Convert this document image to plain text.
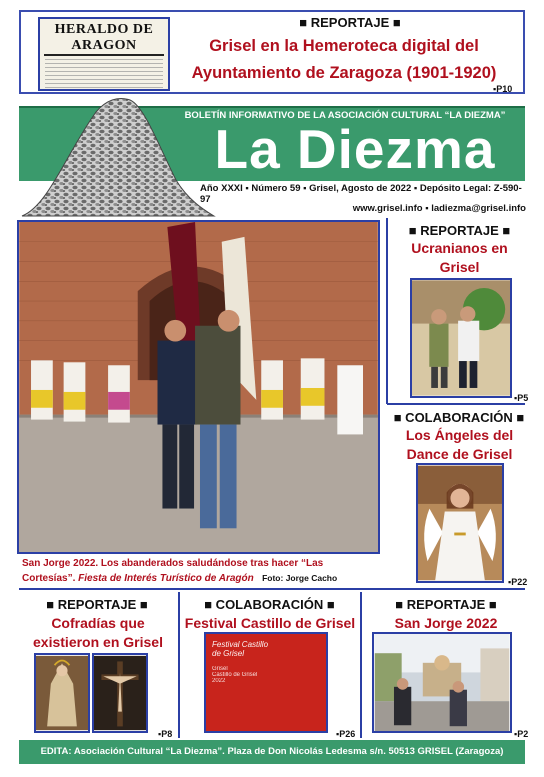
HERALDO DE ARAGON
■ REPORTAJE ■
Grisel en la Hemeroteca digital del
Ayuntamiento de Zaragoza (1901-1920)
▪P10
BOLETÍN INFORMATIVO DE LA ASOCIACIÓN CULTURAL “LA DIEZMA”
La Diezma
Año XXXI ▪ Número 59 ▪ Grisel, Agosto de 2022 ▪ Depósito Legal: Z-590-97
www.grisel.info ▪ ladiezma@grisel.info
San Jorge 2022. Los abanderados saludándose tras hacer “Las
Cortesías”. Fiesta de Interés Turístico de Aragón Foto: Jorge Cacho
■ REPORTAJE ■
Ucranianos en
Grisel
▪P5
■ COLABORACIÓN ■
Los Ángeles del
Dance de Grisel
▪P22
■ REPORTAJE ■
Cofradías que
existieron en Grisel
▪P8
■ COLABORACIÓN ■
Festival Castillo de Grisel
Festival Castillo
de Grisel
Grisel
Castillo de Grisel
2022
▪P26
■ REPORTAJE ■
San Jorge 2022
▪P2
EDITA: Asociación Cultural “La Diezma”. Plaza de Don Nicolás Ledesma s/n. 50513 GRISEL (Zaragoza)
